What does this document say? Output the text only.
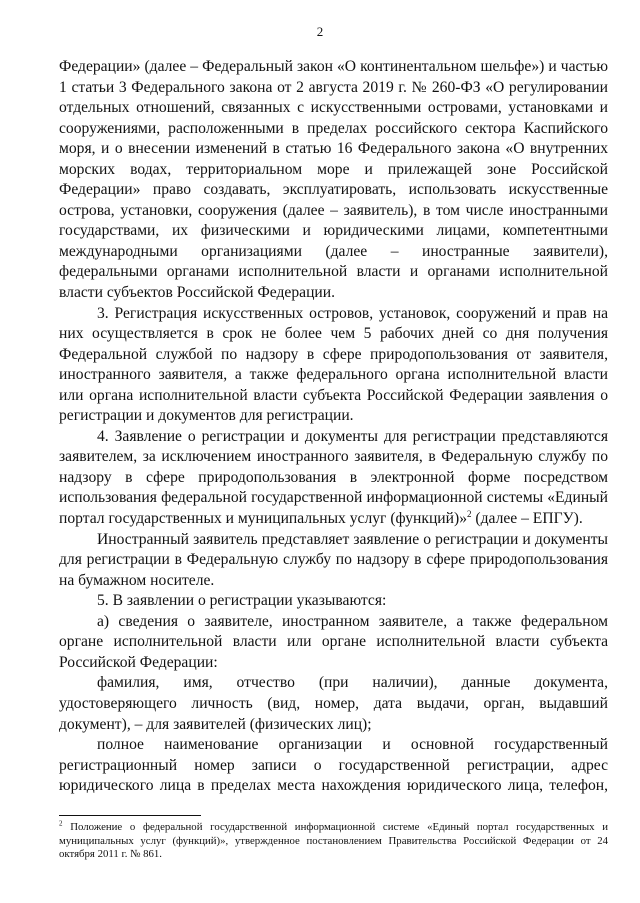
2

Федерации» (далее – Федеральный закон «О континентальном шельфе») и частью 1 статьи 3 Федерального закона от 2 августа 2019 г. № 260-ФЗ «О регулировании отдельных отношений, связанных с искусственными островами, установками и сооружениями, расположенными в пределах российского сектора Каспийского моря, и о внесении изменений в статью 16 Федерального закона «О внутренних морских водах, территориальном море и прилежащей зоне Российской Федерации» право создавать, эксплуатировать, использовать искусственные острова, установки, сооружения (далее – заявитель), в том числе иностранными государствами, их физическими и юридическими лицами, компетентными международными организациями (далее – иностранные заявители), федеральными органами исполнительной власти и органами исполнительной власти субъектов Российской Федерации.

3. Регистрация искусственных островов, установок, сооружений и прав на них осуществляется в срок не более чем 5 рабочих дней со дня получения Федеральной службой по надзору в сфере природопользования от заявителя, иностранного заявителя, а также федерального органа исполнительной власти или органа исполнительной власти субъекта Российской Федерации заявления о регистрации и документов для регистрации.

4. Заявление о регистрации и документы для регистрации представляются заявителем, за исключением иностранного заявителя, в Федеральную службу по надзору в сфере природопользования в электронной форме посредством использования федеральной государственной информационной системы «Единый портал государственных и муниципальных услуг (функций)»$^2$ (далее – ЕПГУ).

Иностранный заявитель представляет заявление о регистрации и документы для регистрации в Федеральную службу по надзору в сфере природопользования на бумажном носителе.

5. В заявлении о регистрации указываются:

а) сведения о заявителе, иностранном заявителе, а также федеральном органе исполнительной власти или органе исполнительной власти субъекта Российской Федерации:

фамилия, имя, отчество (при наличии), данные документа, удостоверяющего личность (вид, номер, дата выдачи, орган, выдавший документ), – для заявителей (физических лиц);

полное наименование организации и основной государственный регистрационный номер записи о государственной регистрации, адрес юридического лица в пределах места нахождения юридического лица, телефон,

$^2$ Положение о федеральной государственной информационной системе «Единый портал государственных и муниципальных услуг (функций)», утвержденное постановлением Правительства Российской Федерации от 24 октября 2011 г. № 861.
